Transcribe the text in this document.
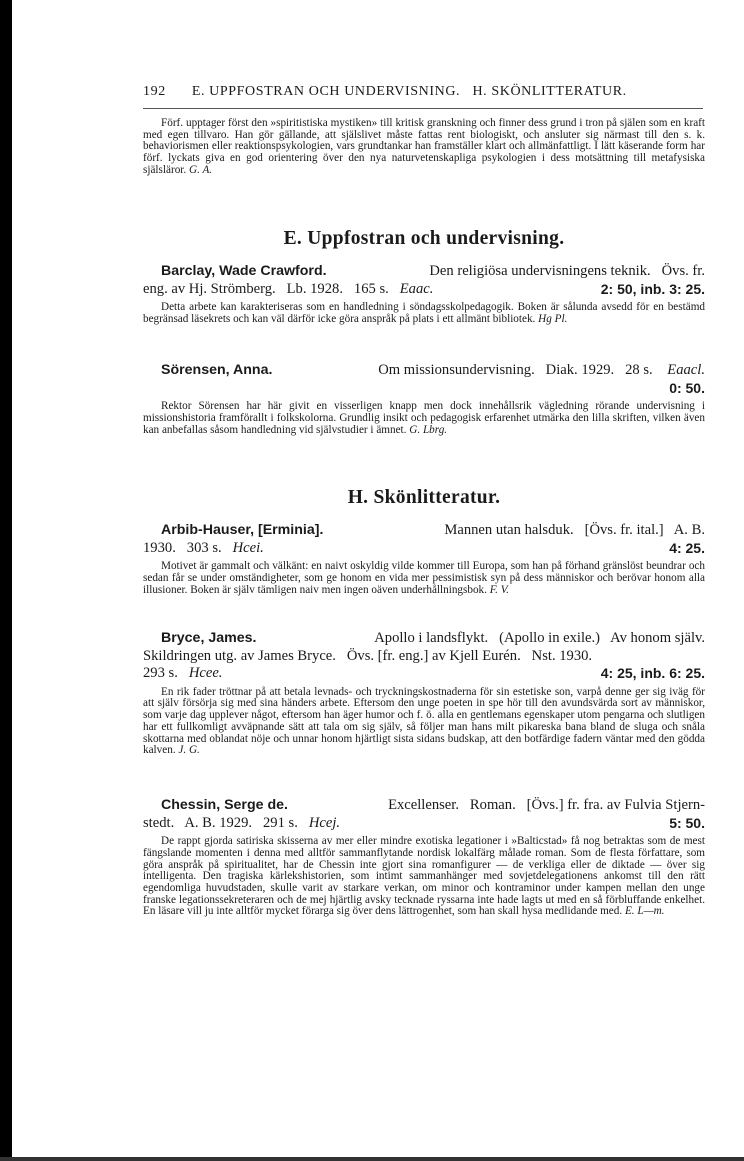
192 E. UPPFOSTRAN OCH UNDERVISNING.   H. SKÖNLITTERATUR.

Förf. upptager först den »spiritistiska mystiken» till kritisk granskning och finner dess grund i tron på själen som en kraft med egen tillvaro. Han gör gällande, att själslivet måste fattas rent biologiskt, och ansluter sig närmast till den s. k. behaviorismen eller reaktionspsykologien, vars grundtankar han framställer klart och allmänfattligt. I lätt käserande form har förf. lyckats giva en god orientering över den nya naturvetenskapliga psykologien i dess motsättning till metafysiska själsläror. G. A.

E. Uppfostran och undervisning.
Barclay, Wade Crawford.	Den religiösa undervisningens teknik.   Övs. fr.
eng. av Hj. Strömberg.   Lb. 1928.   165 s. Eaac.	2: 50, inb. 3: 25.

Detta arbete kan karakteriseras som en handledning i söndagsskolpedagogik. Boken är sålunda avsedd för en bestämd begränsad läsekrets och kan väl därför icke göra anspråk på plats i ett allmänt bibliotek. Hg Pl.

Sörensen, Anna.	Om missionsundervisning.   Diak. 1929.   28 s. Eaacl.
0: 50.

Rektor Sörensen har här givit en visserligen knapp men dock innehållsrik vägledning rörande undervisning i missionshistoria framförallt i folkskolorna. Grundlig insikt och pedagogisk erfarenhet utmärka den lilla skriften, vilken även kan anbefallas såsom handledning vid självstudier i ämnet. G. Lbrg.

H. Skönlitteratur.
Arbib-Hauser, [Erminia].	Mannen utan halsduk.   [Övs. fr. ital.]   A. B.
1930.   303 s. Hcei.	4: 25.

Motivet är gammalt och välkänt: en naivt oskyldig vilde kommer till Europa, som han på förhand gränslöst beundrar och sedan får se under omständigheter, som ge honom en vida mer pessimistisk syn på dess människor och berövar honom alla illusioner. Boken är själv tämligen naiv men ingen oäven underhållningsbok. F. V.

Bryce, James.	Apollo i landsflykt.   (Apollo in exile.)   Av honom själv.
Skildringen utg. av James Bryce.   Övs. [fr. eng.] av Kjell Eurén.   Nst. 1930.
293 s. Hcee.	4: 25, inb. 6: 25.

En rik fader tröttnar på att betala levnads- och tryckningskostnaderna för sin estetiske son, varpå denne ger sig iväg för att själv försörja sig med sina händers arbete. Eftersom den unge poeten in spe hör till den avundsvärda sort av människor, som varje dag upplever något, eftersom han äger humor och f. ö. alla en gentlemans egenskaper utom pengarna och slutligen har ett fullkomligt avväpnande sätt att tala om sig själv, så följer man hans milt pikareska bana bland de sluga och snåla skottarna med oblandat nöje och unnar honom hjärtligt sista sidans budskap, att den botfärdige fadern väntar med den gödda kalven. J. G.

Chessin, Serge de.	Excellenser.   Roman.   [Övs.] fr. fra. av Fulvia Stjern-
stedt.   A. B. 1929.   291 s. Hcej.	5: 50.

De rappt gjorda satiriska skisserna av mer eller mindre exotiska legationer i »Balticstad» få nog betraktas som de mest fängslande momenten i denna med alltför sammanflytande nordisk lokalfärg målade roman. Som de flesta författare, som göra anspråk på spiritualitet, har de Chessin inte gjort sina romanfigurer — de verkliga eller de diktade — över sig intelligenta. Den tragiska kärlekshistorien, som intimt sammanhänger med sovjetdelegationens ankomst till den rätt egendomliga huvudstaden, skulle varit av starkare verkan, om minor och kontraminor under kampen mellan den unge franske legationssekreteraren och de mej hjärtlig avsky tecknade ryssarna inte hade lagts ut med en så förbluffande enkelhet. En läsare vill ju inte alltför mycket förarga sig över dens lättrogenhet, som han skall hysa medlidande med. E. L—m.
